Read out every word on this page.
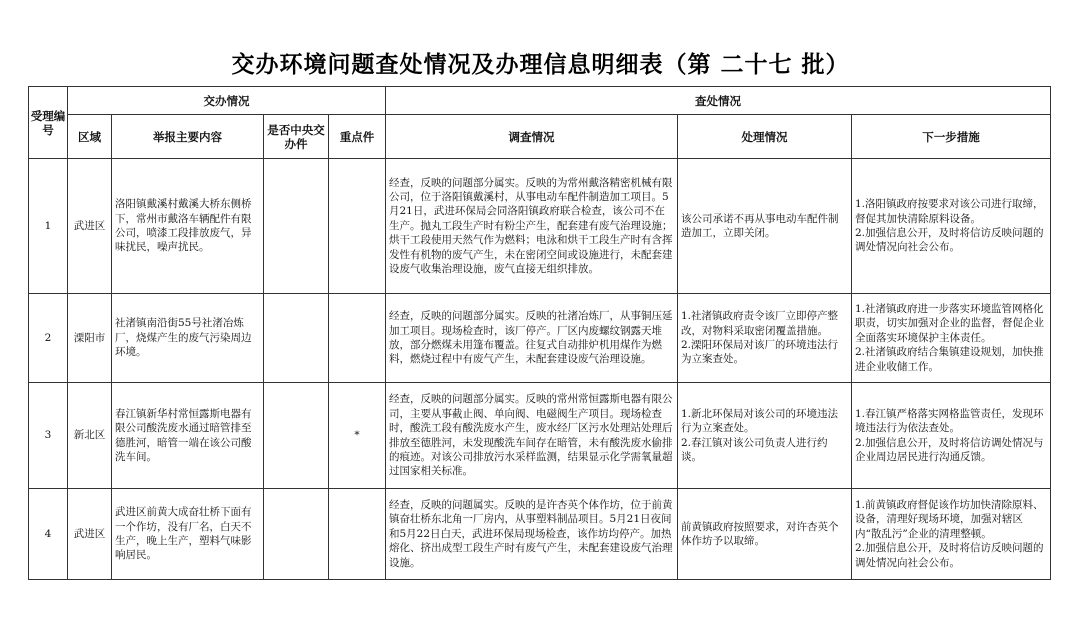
交办环境问题查处情况及办理信息明细表（第 二十七 批）
受理编号	交办情况				查处情况		
	区域	举报主要内容	是否中央交办件	重点件	调查情况	处理情况	下一步措施
1	武进区	洛阳镇戴溪村戴溪大桥东侧桥下，常州市戴洛车辆配件有限公司，喷漆工段排放废气，异味扰民，噪声扰民。			经查，反映的问题部分属实。反映的为常州戴洛精密机械有限公司，位于洛阳镇戴溪村，从事电动车配件制造加工项目。5月21日，武进环保局会同洛阳镇政府联合检查，该公司不在生产。抛丸工段生产时有粉尘产生，配套建有废气治理设施；烘干工段使用天然气作为燃料；电泳和烘干工段生产时有含挥发性有机物的废气产生，未在密闭空间或设施进行，未配套建设废气收集治理设施，废气直接无组织排放。	该公司承诺不再从事电动车配件制造加工，立即关闭。	1.洛阳镇政府按要求对该公司进行取缔，督促其加快清除原料设备。
2.加强信息公开，及时将信访反映问题的调处情况向社会公布。
2	溧阳市	社渚镇南沿街55号社渚冶炼厂，烧煤产生的废气污染周边环境。			经查，反映的问题部分属实。反映的社渚冶炼厂，从事铜压延加工项目。现场检查时，该厂停产。厂区内废螺纹钢露天堆放，部分燃煤未用篷布覆盖。往复式自动排炉机用煤作为燃料，燃烧过程中有废气产生，未配套建设废气治理设施。	1.社渚镇政府责令该厂立即停产整改，对物料采取密闭覆盖措施。
2.溧阳环保局对该厂的环境违法行为立案查处。	1.社渚镇政府进一步落实环境监管网格化职责，切实加强对企业的监督，督促企业全面落实环境保护主体责任。
2.社渚镇政府结合集镇建设规划，加快推进企业收储工作。
3	新北区	春江镇新华村常恒露斯电器有限公司酸洗废水通过暗管排至德胜河，暗管一端在该公司酸洗车间。		*	经查，反映的问题部分属实。反映的常州常恒露斯电器有限公司，主要从事截止阀、单向阀、电磁阀生产项目。现场检查时，酸洗工段有酸洗废水产生，废水经厂区污水处理站处理后排放至德胜河，未发现酸洗车间存在暗管，未有酸洗废水偷排的痕迹。对该公司排放污水采样监测，结果显示化学需氧量超过国家相关标准。	1.新北环保局对该公司的环境违法行为立案查处。
2.春江镇对该公司负责人进行约谈。	1.春江镇严格落实网格监管责任，发现环境违法行为依法查处。
2.加强信息公开，及时将信访调处情况与企业周边居民进行沟通反馈。
4	武进区	武进区前黄大成奋壮桥下面有一个作坊，没有厂名，白天不生产，晚上生产，塑料气味影响居民。			经查，反映的问题属实。反映的是许杏英个体作坊，位于前黄镇奋壮桥东北角一厂房内，从事塑料制品项目。5月21日夜间和5月22日白天，武进环保局现场检查，该作坊均停产。加热熔化、挤出成型工段生产时有废气产生，未配套建设废气治理设施。	前黄镇政府按照要求，对许杏英个体作坊予以取缔。	1.前黄镇政府督促该作坊加快清除原料、设备，清理好现场环境，加强对辖区内“散乱污”企业的清理整顿。
2.加强信息公开，及时将信访反映问题的调处情况向社会公布。
